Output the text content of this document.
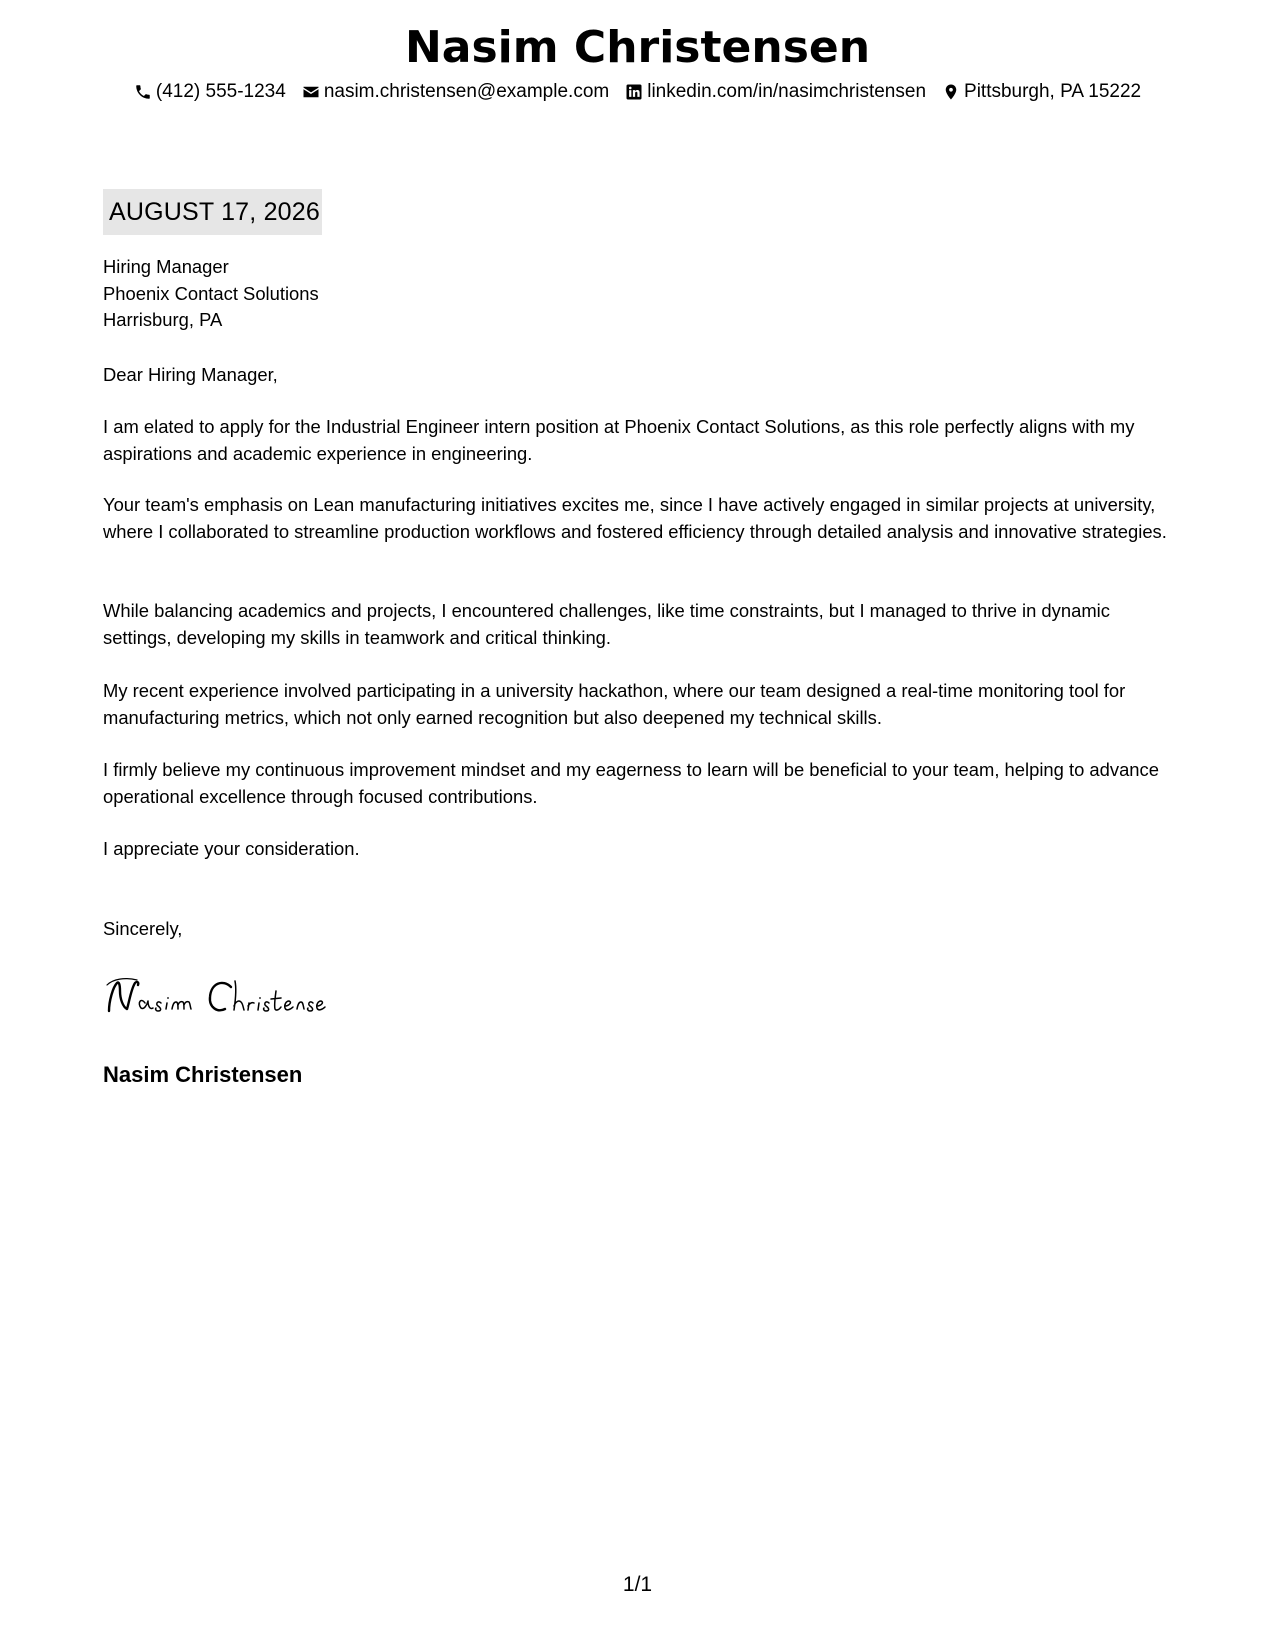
Nasim Christensen
(412) 555-1234 nasim.christensen@example.com linkedin.com/in/nasimchristensen Pittsburgh, PA 15222
AUGUST 17, 2026

Hiring Manager

Phoenix Contact Solutions

Harrisburg, PA

Dear Hiring Manager,

I am elated to apply for the Industrial Engineer intern position at Phoenix Contact Solutions, as this role perfectly aligns with my aspirations and academic experience in engineering.

Your team's emphasis on Lean manufacturing initiatives excites me, since I have actively engaged in similar projects at university, where I collaborated to streamline production workflows and fostered efficiency through detailed analysis and innovative strategies.

While balancing academics and projects, I encountered challenges, like time constraints, but I managed to thrive in dynamic settings, developing my skills in teamwork and critical thinking.

My recent experience involved participating in a university hackathon, where our team designed a real-time monitoring tool for manufacturing metrics, which not only earned recognition but also deepened my technical skills.

I firmly believe my continuous improvement mindset and my eagerness to learn will be beneficial to your team, helping to advance operational excellence through focused contributions.

I appreciate your consideration.

Sincerely,

Nasim Christensen
1/1
